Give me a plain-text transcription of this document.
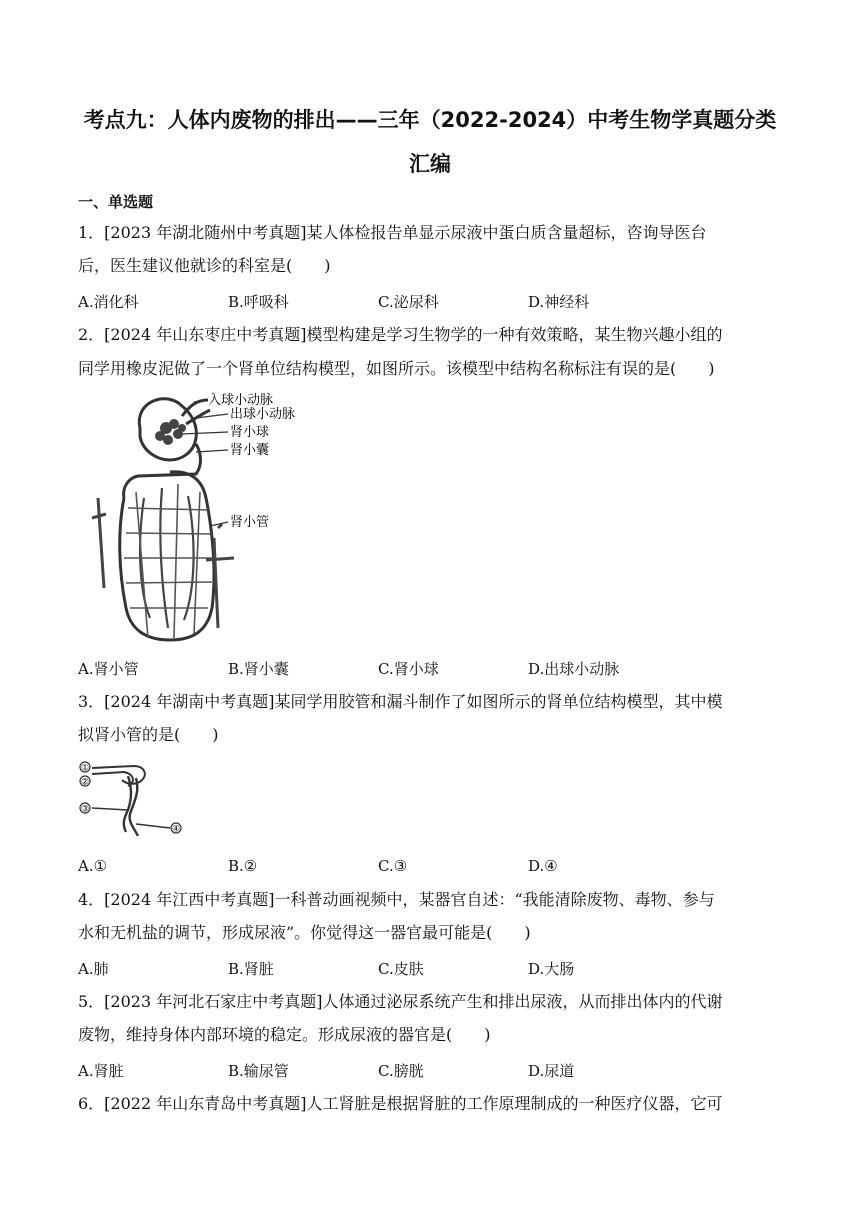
考点九：人体内废物的排出——三年（2022-2024）中考生物学真题分类
汇编
一、单选题
1．[2023 年湖北随州中考真题]某人体检报告单显示尿液中蛋白质含量超标，咨询导医台
后，医生建议他就诊的科室是(　　)
A.消化科	B.呼吸科	C.泌尿科	D.神经科
2．[2024 年山东枣庄中考真题]模型构建是学习生物学的一种有效策略，某生物兴趣小组的
同学用橡皮泥做了一个肾单位结构模型，如图所示。该模型中结构名称标注有误的是(　　)
入球小动脉
出球小动脉
肾小球
肾小囊
肾小管
A.肾小管	B.肾小囊	C.肾小球	D.出球小动脉
3．[2024 年湖南中考真题]某同学用胶管和漏斗制作了如图所示的肾单位结构模型，其中模
拟肾小管的是(　　)
①
②
③
④
A.①	B.②	C.③	D.④
4．[2024 年江西中考真题]一科普动画视频中，某器官自述：“我能清除废物、毒物、参与
水和无机盐的调节，形成尿液”。你觉得这一器官最可能是(　　)
A.肺	B.肾脏	C.皮肤	D.大肠
5．[2023 年河北石家庄中考真题]人体通过泌尿系统产生和排出尿液，从而排出体内的代谢
废物，维持身体内部环境的稳定。形成尿液的器官是(　　)
A.肾脏	B.输尿管	C.膀胱	D.尿道
6．[2022 年山东青岛中考真题]人工肾脏是根据肾脏的工作原理制成的一种医疗仪器，它可
